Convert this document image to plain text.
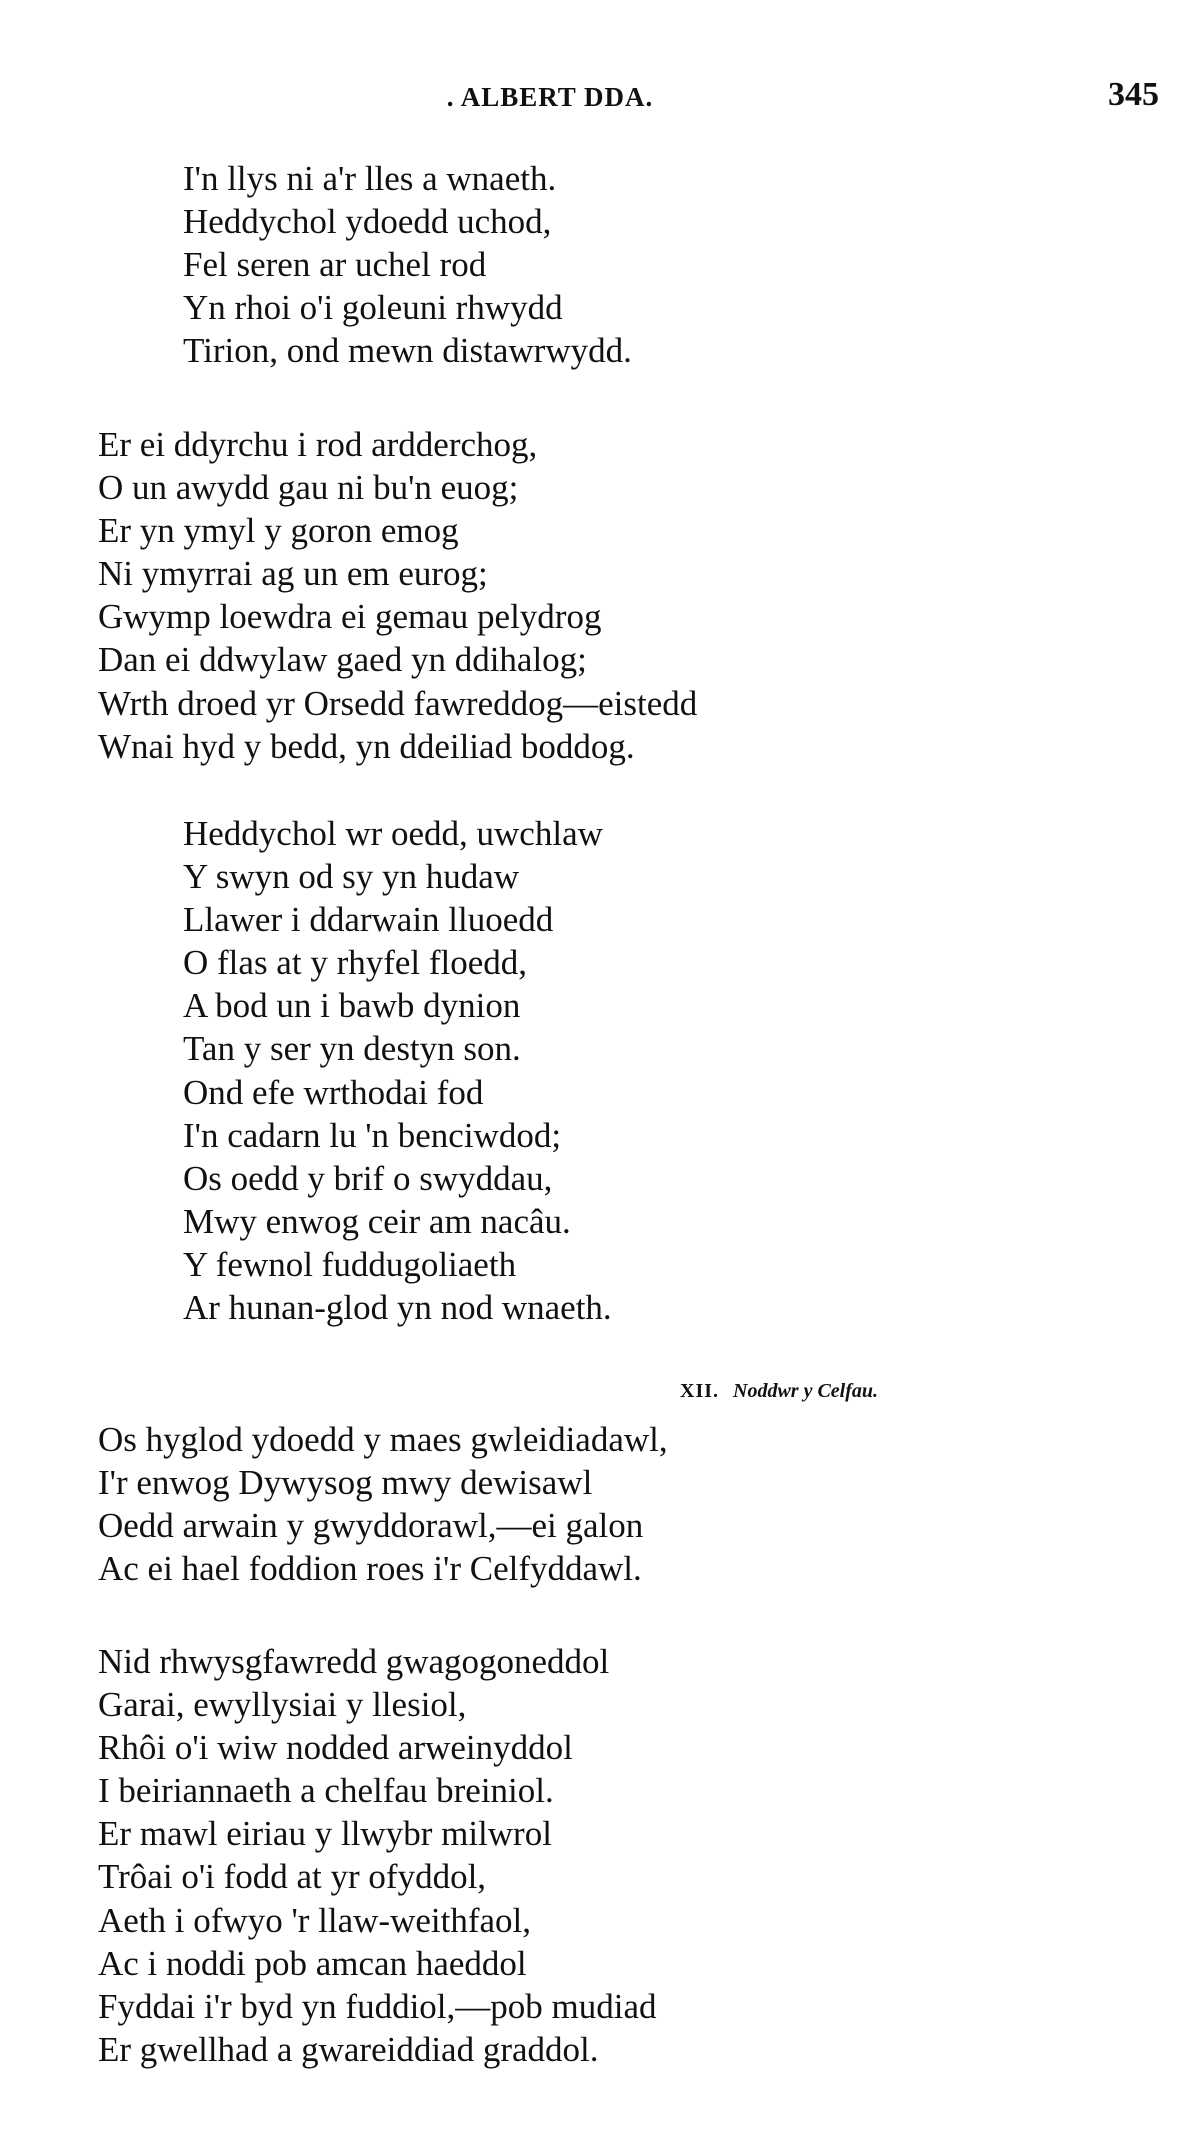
. ALBERT DDA.	345

I'n llys ni a'r lles a wnaeth.
Heddychol ydoedd uchod,
Fel seren ar uchel rod
Yn rhoi o'i goleuni rhwydd
Tirion, ond mewn distawrwydd.
Er ei ddyrchu i rod ardderchog,
O un awydd gau ni bu'n euog;
Er yn ymyl y goron emog
Ni ymyrrai ag un em eurog;
Gwymp loewdra ei gemau pelydrog
Dan ei ddwylaw gaed yn ddihalog;
Wrth droed yr Orsedd fawreddog—eistedd
Wnai hyd y bedd, yn ddeiliad boddog.
Heddychol wr oedd, uwchlaw
Y swyn od sy yn hudaw
Llawer i ddarwain lluoedd
O flas at y rhyfel floedd,
A bod un i bawb dynion
Tan y ser yn destyn son.
Ond efe wrthodai fod
I'n cadarn lu 'n benciwdod;
Os oedd y brif o swyddau,
Mwy enwog ceir am nacâu.
Y fewnol fuddugoliaeth
Ar hunan-glod yn nod wnaeth.

XII. Noddwr y Celfau.

Os hyglod ydoedd y maes gwleidiadawl,
I'r enwog Dywysog mwy dewisawl
Oedd arwain y gwyddorawl,—ei galon
Ac ei hael foddion roes i'r Celfyddawl.
Nid rhwysgfawredd gwagogoneddol
Garai, ewyllysiai y llesiol,
Rhôi o'i wiw nodded arweinyddol
I beiriannaeth a chelfau breiniol.
Er mawl eiriau y llwybr milwrol
Trôai o'i fodd at yr ofyddol,
Aeth i ofwyo 'r llaw-weithfaol,
Ac i noddi pob amcan haeddol
Fyddai i'r byd yn fuddiol,—pob mudiad
Er gwellhad a gwareiddiad graddol.
